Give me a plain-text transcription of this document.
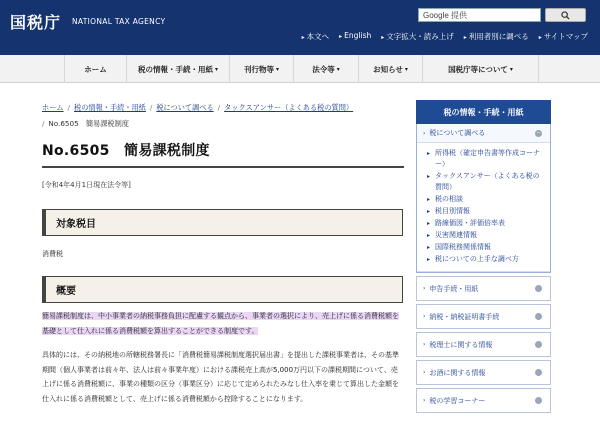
国税庁 NATIONAL TAX AGENCY
Google 提供
▸ 本文へ ▸ English ▸ 文字拡大・読み上げ ▸ 利用者別に調べる ▸ サイトマップ
ホーム	税の情報・手続・用紙 ▾	刊行物等 ▾	法令等 ▾	お知らせ ▾	国税庁等について ▾
ホーム / 税の情報・手続・用紙 / 税について調べる / タックスアンサー（よくある税の質問）
/ No.6505　簡易課税制度
No.6505　簡易課税制度
[令和4年4月1日現在法令等]
対象税目
消費税
概要
簡易課税制度は、中小事業者の納税事務負担に配慮する観点から、事業者の選択により、売上げに係る消費税額を基礎として仕入れに係る消費税額を算出することができる制度です。
具体的には、その納税地の所轄税務署長に「消費税簡易課税制度選択届出書」を提出した課税事業者は、その基準期間（個人事業者は前々年、法人は前々事業年度）における課税売上高が5,000万円以下の課税期間について、売上げに係る消費税額に、事業の種類の区分（事業区分）に応じて定められたみなし仕入率を乗じて算出した金額を仕入れに係る消費税額として、売上げに係る消費税額から控除することになります。
税の情報・手続・用紙
› 税について調べる	−
▸ 所得税（確定申告書等作成コーナー）
▸ タックスアンサー（よくある税の質問）
▸ 税の相談
▸ 税目別情報
▸ 路線価図・評価倍率表
▸ 災害関連情報
▸ 国際税務関係情報
▸ 税についての上手な調べ方
› 申告手続・用紙
› 納税・納税証明書手続
› 税理士に関する情報
› お酒に関する情報
› 税の学習コーナー
